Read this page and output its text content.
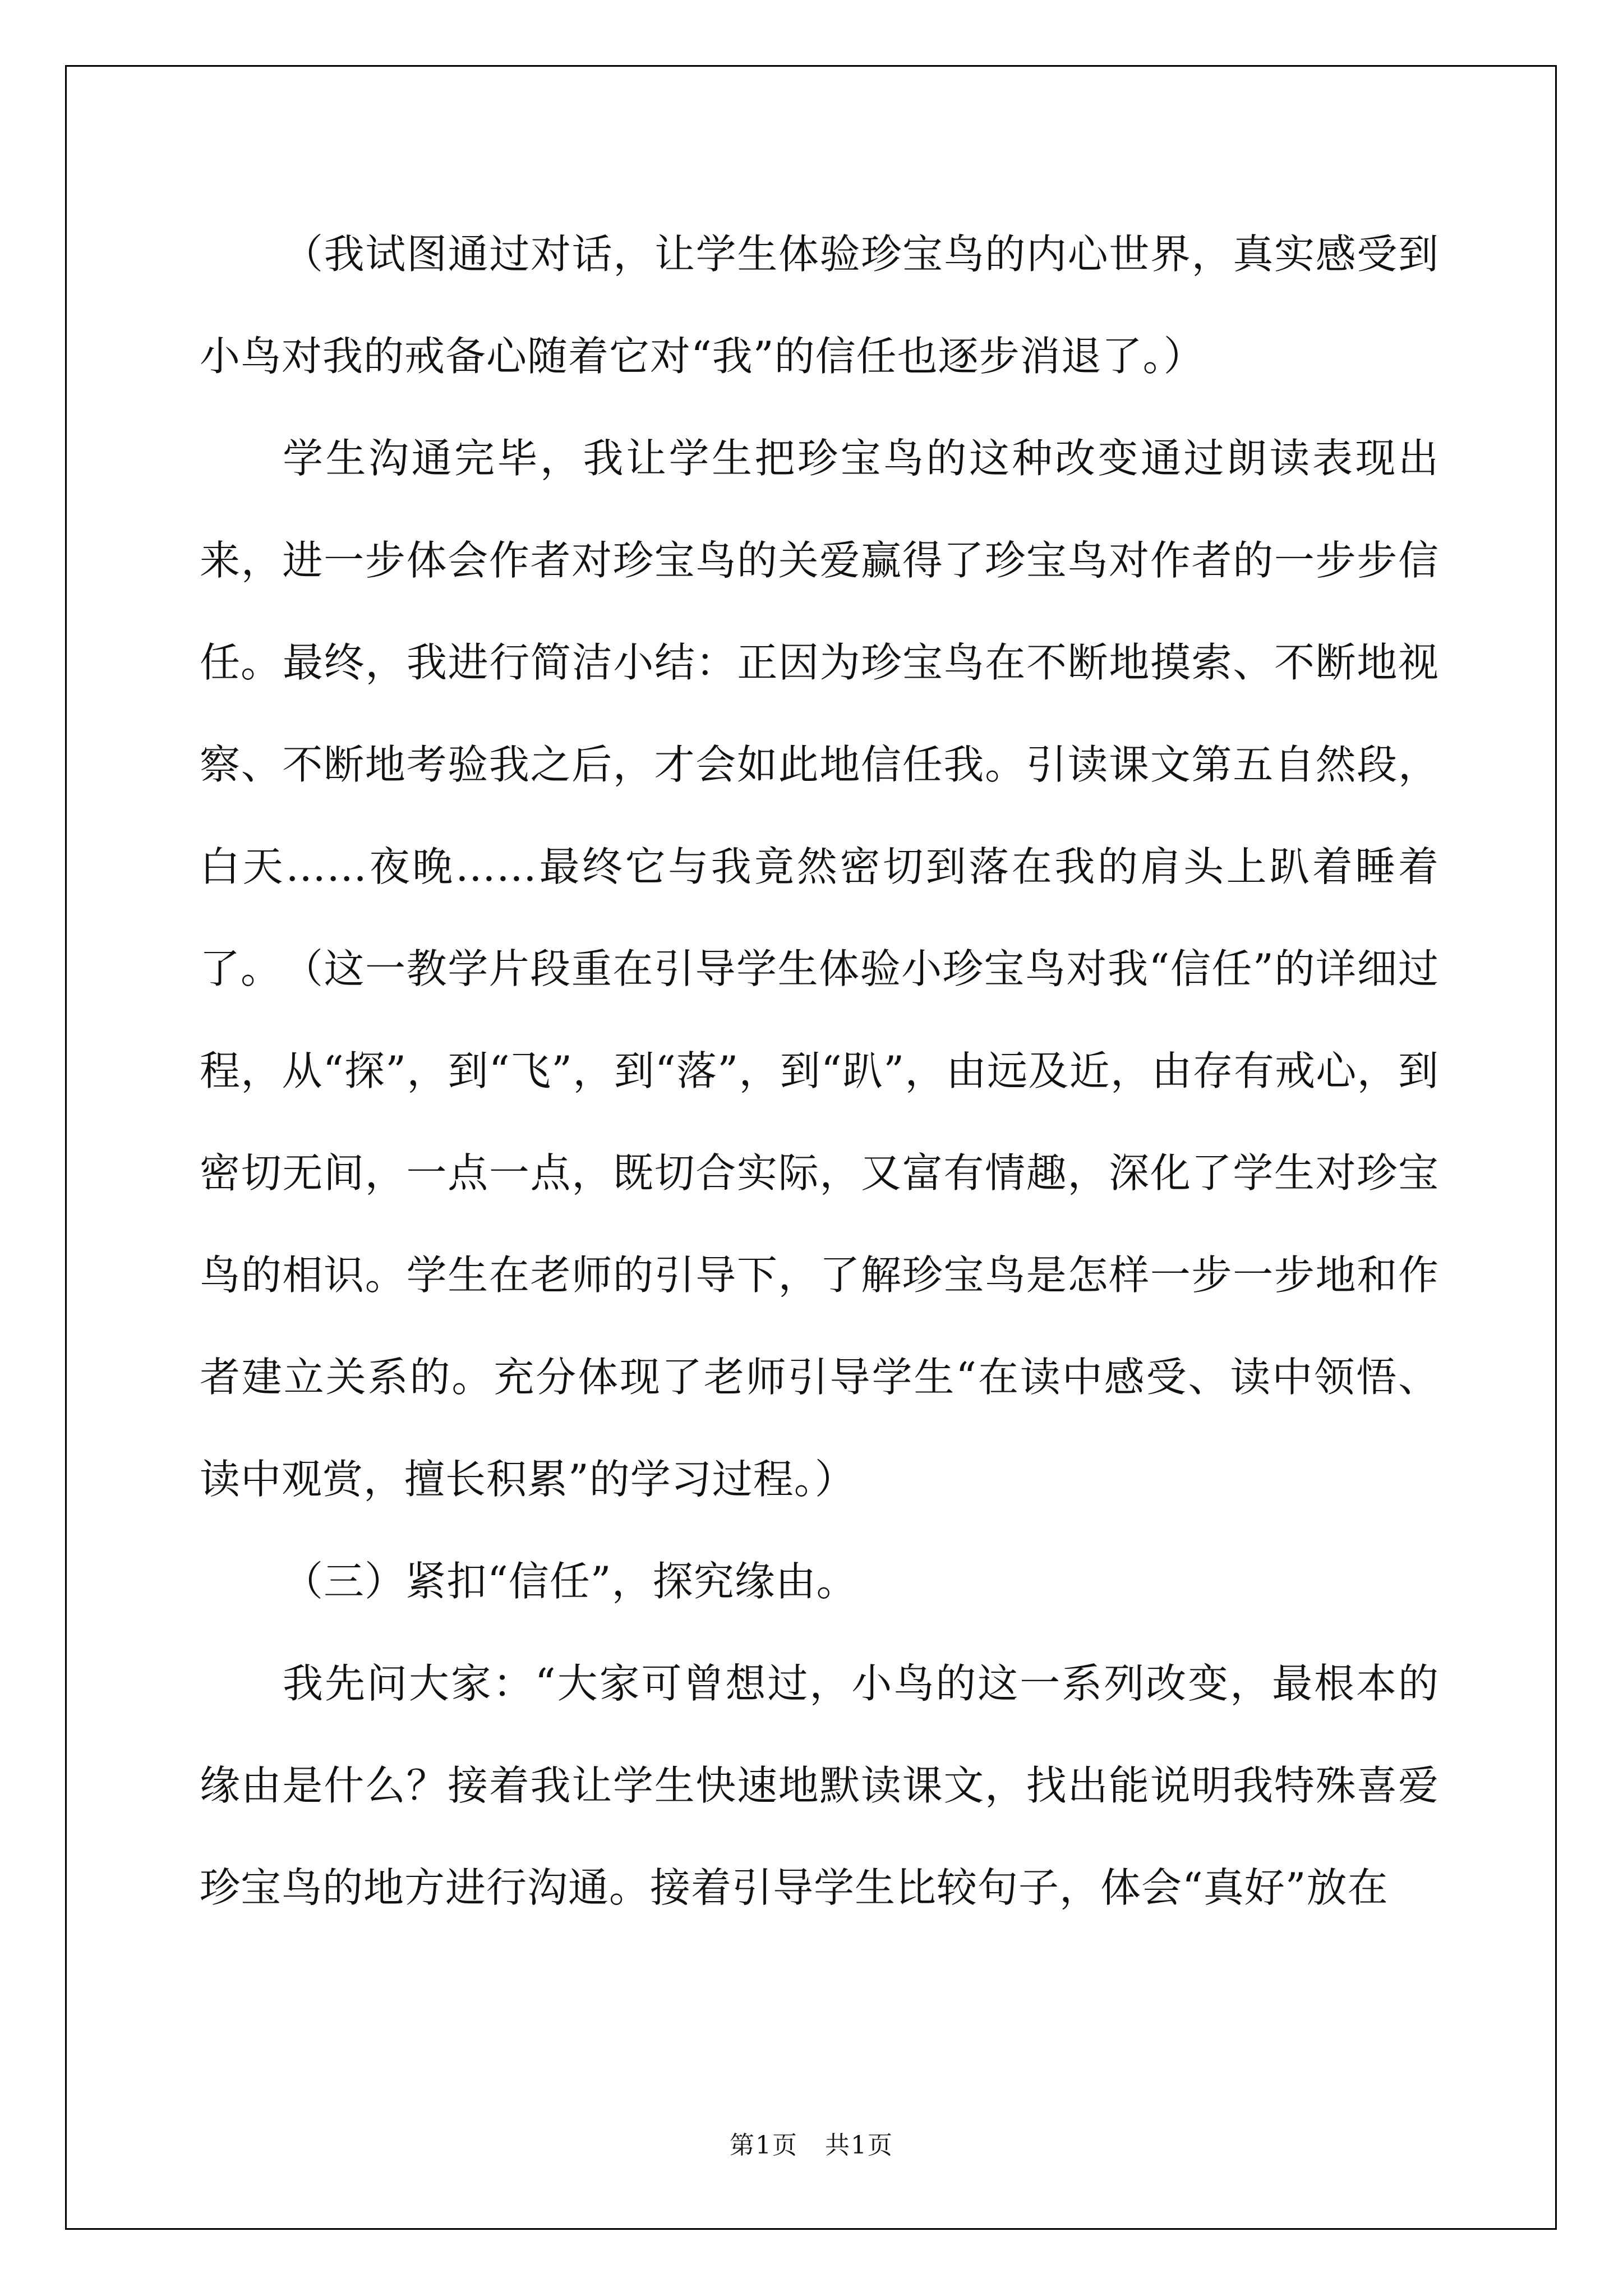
（我试图通过对话，让学生体验珍宝鸟的内心世界，真实感受到小鸟对我的戒备心随着它对“我”的信任也逐步消退了。）

学生沟通完毕，我让学生把珍宝鸟的这种改变通过朗读表现出来，进一步体会作者对珍宝鸟的关爱赢得了珍宝鸟对作者的一步步信任。 最终，我进行简洁小结：正因为珍宝鸟在不断地摸索、不断地视察、不断地考验我之后，才会如此地信任我。引读课文第五自然段，白天……夜晚……最终它与我竟然密切到落在我的肩头上趴着睡着了。 （这一教学片段重在引导学生体验小珍宝鸟对我“信任”的详细过程，从“探”，到“飞”，到“落”，到“趴”，由远及近，由存有戒心，到密切无间，一点一点，既切合实际，又富有情趣，深化了学生对珍宝鸟的相识。学生在老师的引导下，了解珍宝鸟是怎样一步一步地和作者建立关系的。充分体现了老师引导学生“在读中感受、读中领悟、读中观赏，擅长积累”的学习过程。）

（三）紧扣“信任”，探究缘由。

我先问大家：“大家可曾想过，小鸟的这一系列改变，最根本的缘由是什么？接着我让学生快速地默读课文，找出能说明我特殊喜爱珍宝鸟的地方进行沟通。接着引导学生比较句子，体会“真好”放在

第1页   共1页
